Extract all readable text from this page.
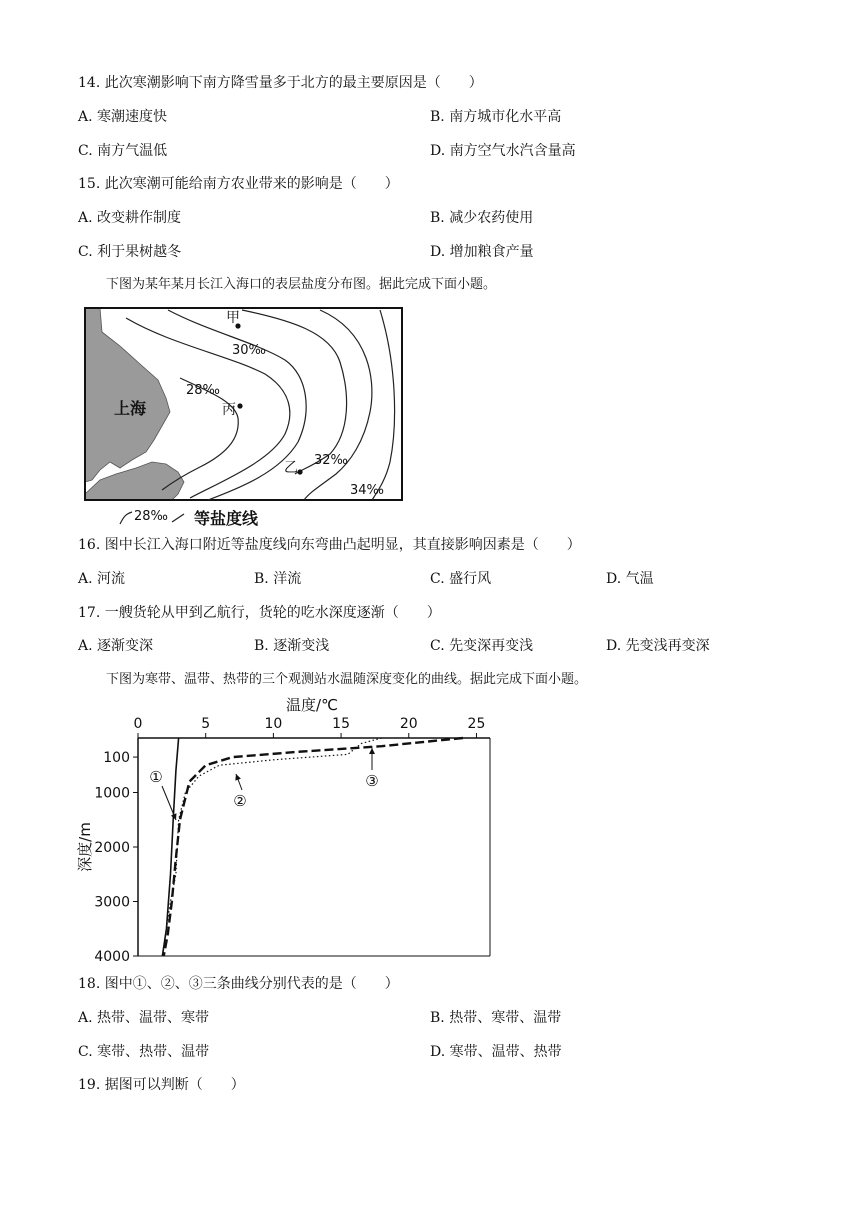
14. 此次寒潮影响下南方降雪量多于北方的最主要原因是（　　）
A. 寒潮速度快	B. 南方城市化水平高
C. 南方气温低	D. 南方空气水汽含量高
15. 此次寒潮可能给南方农业带来的影响是（　　）
A. 改变耕作制度	B. 减少农药使用
C. 利于果树越冬	D. 增加粮食产量
下图为某年某月长江入海口的表层盐度分布图。据此完成下面小题。
甲
丙
乙
上海
30‰
28‰
32‰
34‰
28‰ 等盐度线
16. 图中长江入海口附近等盐度线向东弯曲凸起明显，其直接影响因素是（　　）
A. 河流	B. 洋流	C. 盛行风	D. 气温
17. 一艘货轮从甲到乙航行，货轮的吃水深度逐渐（　　）
A. 逐渐变深	B. 逐渐变浅	C. 先变深再变浅	D. 先变浅再变深
下图为寒带、温带、热带的三个观测站水温随深度变化的曲线。据此完成下面小题。
温度/℃
0	5	10	15	20	25
100
1000
2000
3000
4000
深度/m
①
②
③
18. 图中①、②、③三条曲线分别代表的是（　　）
A. 热带、温带、寒带	B. 热带、寒带、温带
C. 寒带、热带、温带	D. 寒带、温带、热带
19. 据图可以判断（　　）
